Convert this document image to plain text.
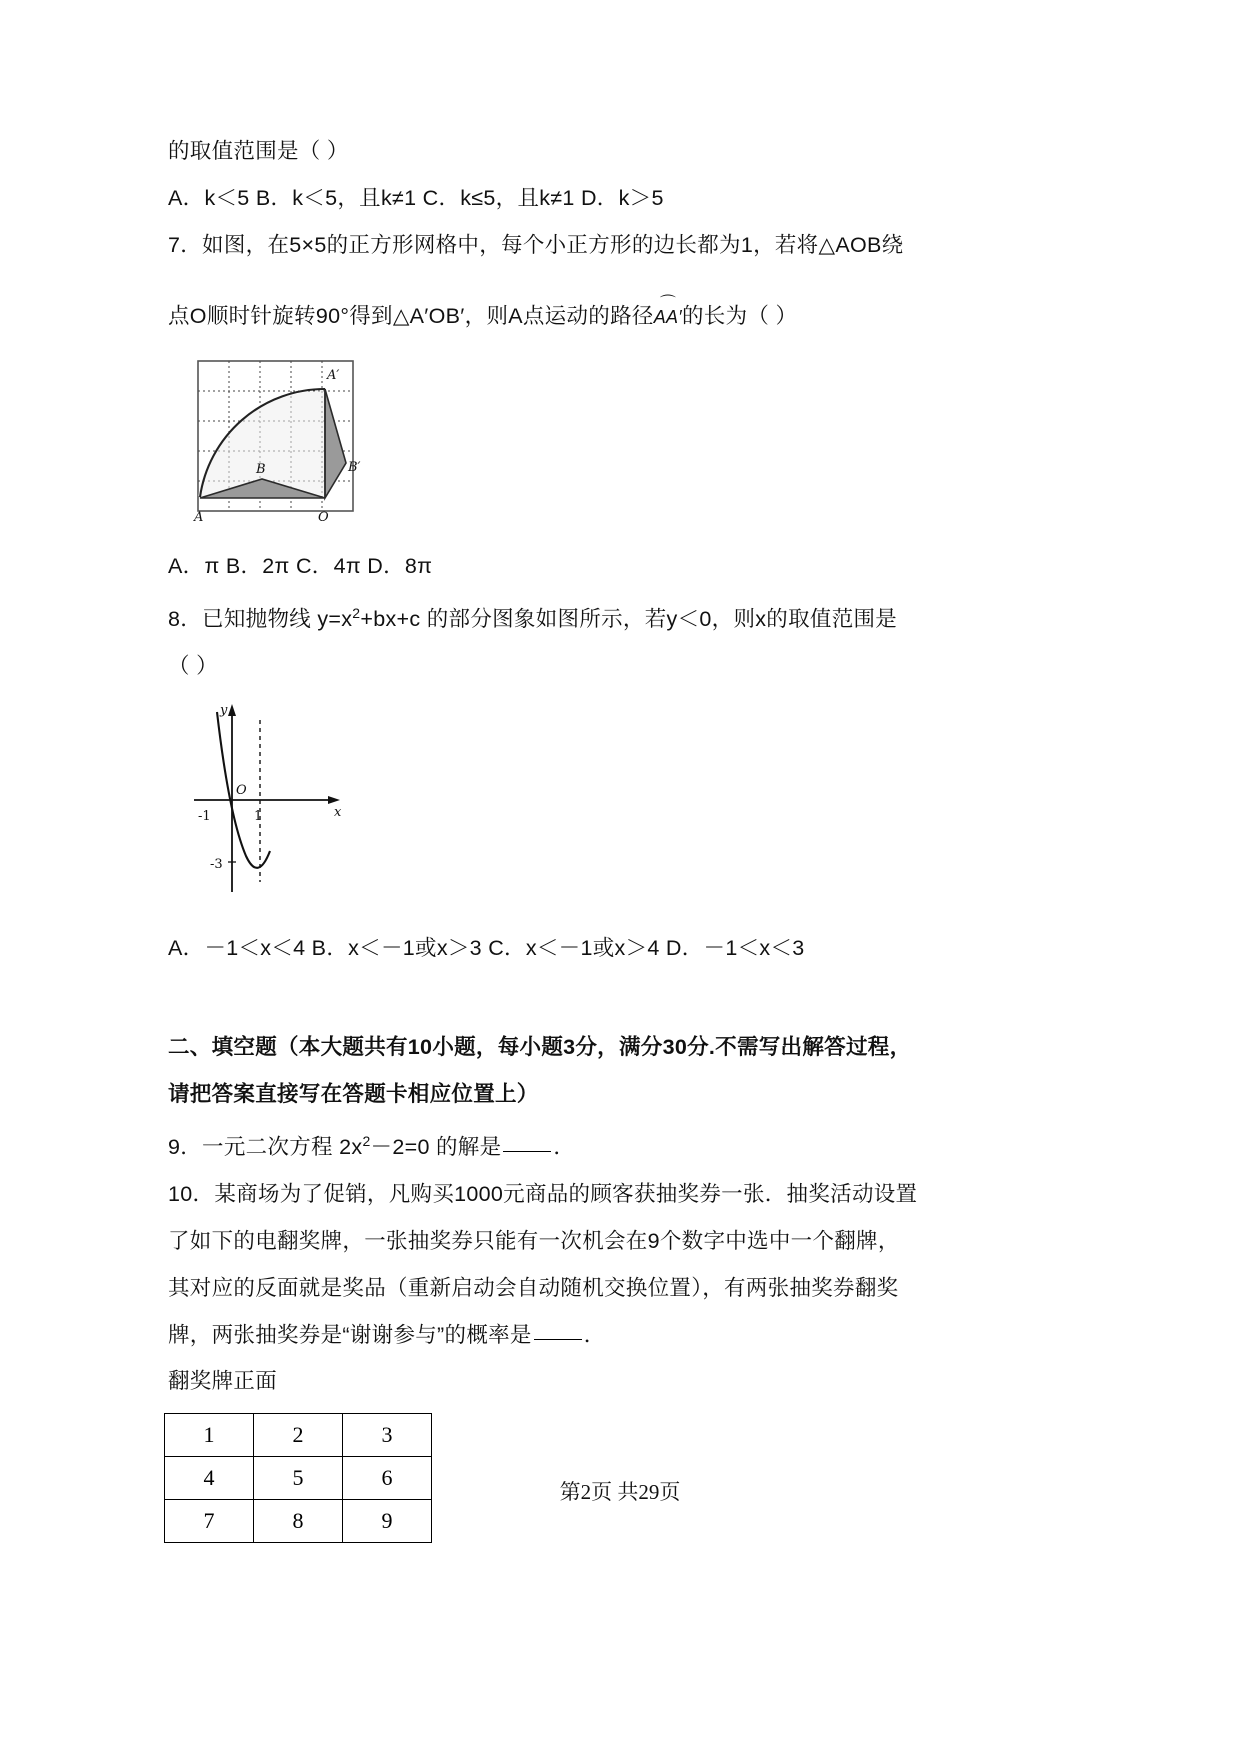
的取值范围是（ ）
A．k＜5 B．k＜5，且k≠1 C．k≤5，且k≠1 D．k＞5
7．如图，在5×5的正方形网格中，每个小正方形的边长都为1，若将△AOB绕
点O顺时针旋转90°得到△A′OB′，则A点运动的路径
⌒
AA′的长为（ ）
A	O
B
A′
B′
A．π B．2π C．4π D．8π
8．已知抛物线 $y=x^2+bx+c$ 的部分图象如图所示，若y＜0，则x的取值范围是
（ ）
y
x
O
-1	1
-3
A．－1＜x＜4 B．x＜－1或x＞3 C．x＜－1或x＞4 D．－1＜x＜3
二、填空题（本大题共有10小题，每小题3分，满分30分.不需写出解答过程，
请把答案直接写在答题卡相应位置上）
9．一元二次方程 $2x^2-2=0$ 的解是 ．
10．某商场为了促销，凡购买1000元商品的顾客获抽奖券一张．抽奖活动设置
了如下的电翻奖牌，一张抽奖券只能有一次机会在9个数字中选中一个翻牌，
其对应的反面就是奖品（重新启动会自动随机交换位置），有两张抽奖券翻奖
牌，两张抽奖券是“谢谢参与”的概率是 ．
翻奖牌正面
1	2	3
4	5	6
7	8	9
第2页 共29页
